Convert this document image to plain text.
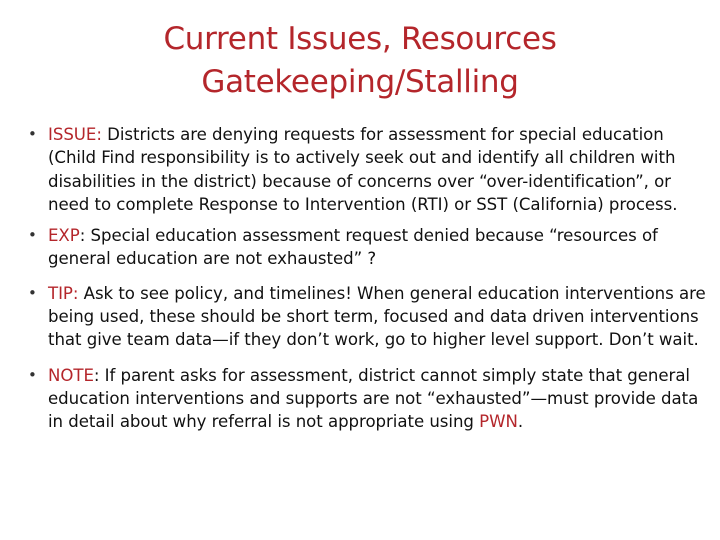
Current Issues, Resources
Gatekeeping/Stalling
• ISSUE: Districts are denying requests for assessment for special education (Child Find responsibility is to actively seek out and identify all children with disabilities in the district) because of concerns over “over-identification”, or need to complete Response to Intervention (RTI) or SST (California) process.
• EXP: Special education assessment request denied because “resources of general education are not exhausted” ?
• TIP: Ask to see policy, and timelines! When general education interventions are being used, these should be short term, focused and data driven interventions that give team data—if they don’t work, go to higher level support. Don’t wait.
• NOTE: If parent asks for assessment, district cannot simply state that general education interventions and supports are not “exhausted”—must provide data in detail about why referral is not appropriate using PWN.
